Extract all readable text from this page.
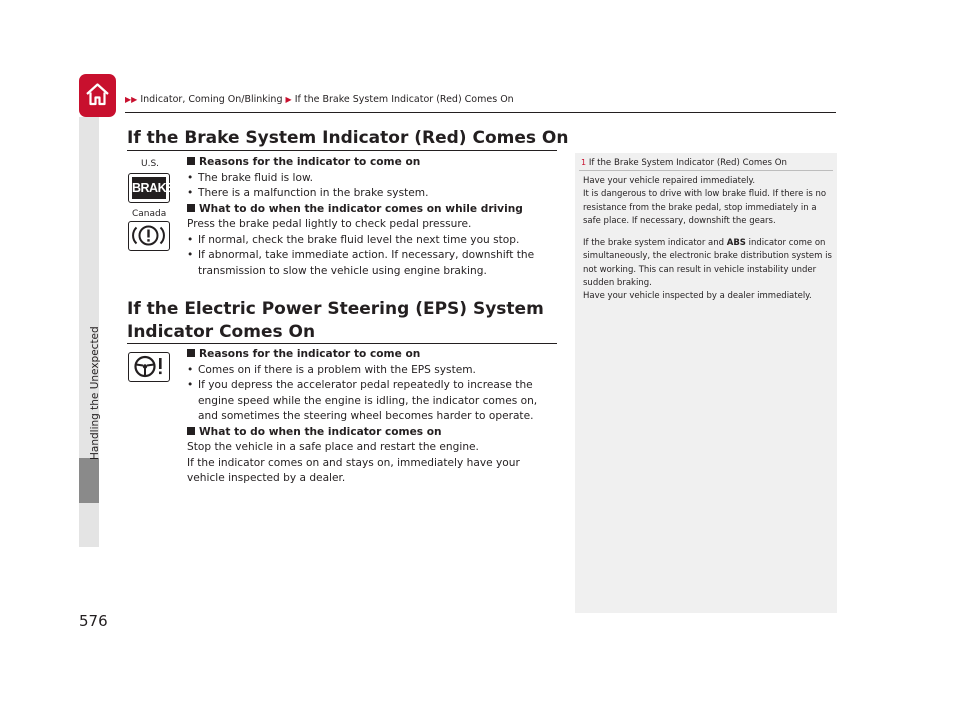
▶▶ Indicator, Coming On/Blinking ▶ If the Brake System Indicator (Red) Comes On
Handling the Unexpected
576
If the Brake System Indicator (Red) Comes On
U.S.
BRAKE
Canada
Reasons for the indicator to come on
• The brake fluid is low.
• There is a malfunction in the brake system.
What to do when the indicator comes on while driving
Press the brake pedal lightly to check pedal pressure.
• If normal, check the brake fluid level the next time you stop.
• If abnormal, take immediate action. If necessary, downshift the transmission to slow the vehicle using engine braking.
If the Electric Power Steering (EPS) System Indicator Comes On
Reasons for the indicator to come on
• Comes on if there is a problem with the EPS system.
• If you depress the accelerator pedal repeatedly to increase the engine speed while the engine is idling, the indicator comes on, and sometimes the steering wheel becomes harder to operate.
What to do when the indicator comes on
Stop the vehicle in a safe place and restart the engine.
If the indicator comes on and stays on, immediately have your vehicle inspected by a dealer.
1 If the Brake System Indicator (Red) Comes On

Have your vehicle repaired immediately.

It is dangerous to drive with low brake fluid. If there is no resistance from the brake pedal, stop immediately in a safe place. If necessary, downshift the gears.

If the brake system indicator and ABS indicator come on simultaneously, the electronic brake distribution system is not working. This can result in vehicle instability under sudden braking.

Have your vehicle inspected by a dealer immediately.
